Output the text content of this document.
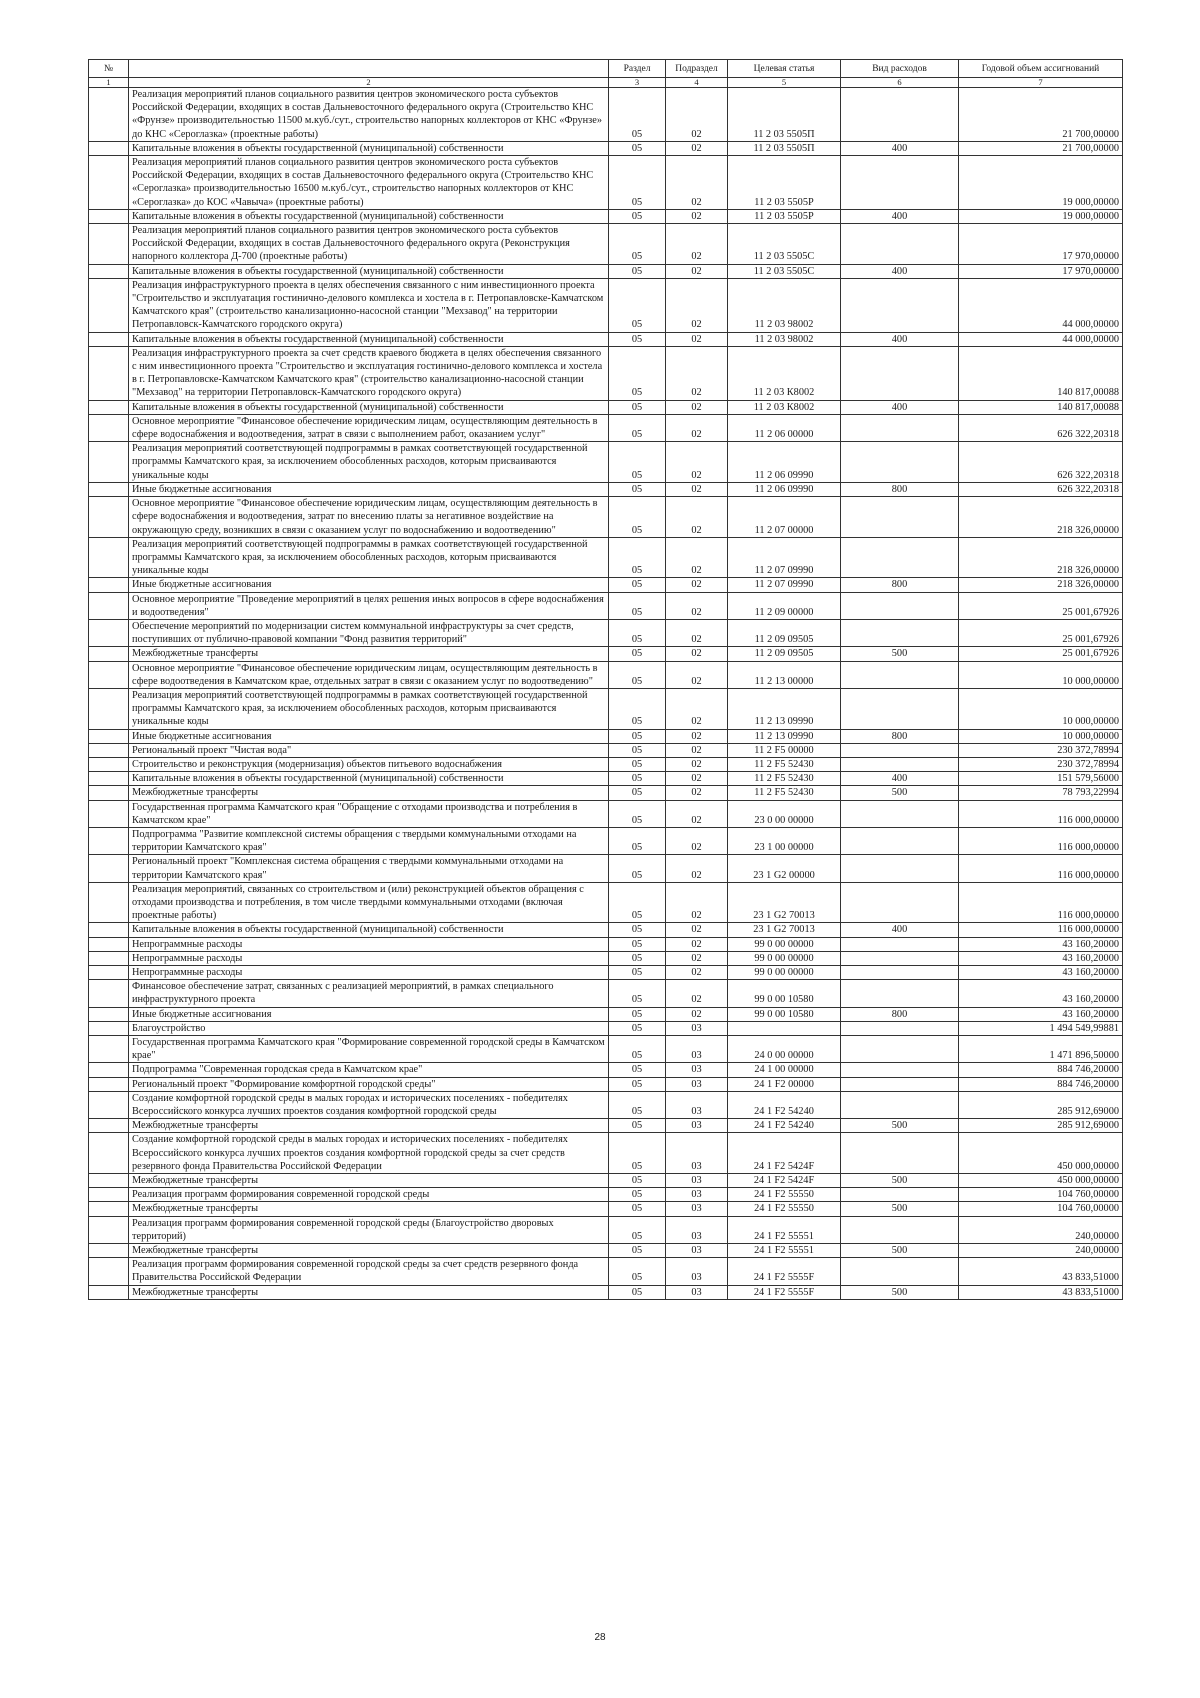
№		Раздел	Подраздел	Целевая статья	Вид расходов	Годовой объем ассигнований
1	2	3	4	5	6	7
	Реализация мероприятий планов социального развития центров экономического роста субъектов Российской Федерации, входящих в состав Дальневосточного федерального округа (Строительство КНС «Фрунзе» производительностью 11500 м.куб./сут., строительство напорных коллекторов от КНС «Фрунзе» до КНС «Сероглазка» (проектные работы)	05	02	11 2 03 5505П		21 700,00000
	Капитальные вложения в объекты государственной (муниципальной) собственности	05	02	11 2 03 5505П	400	21 700,00000
	Реализация мероприятий планов социального развития центров экономического роста субъектов Российской Федерации, входящих в состав Дальневосточного федерального округа (Строительство КНС «Сероглазка» производительностью 16500 м.куб./сут., строительство напорных коллекторов от КНС «Сероглазка» до КОС «Чавыча» (проектные работы)	05	02	11 2 03 5505Р		19 000,00000
	Капитальные вложения в объекты государственной (муниципальной) собственности	05	02	11 2 03 5505Р	400	19 000,00000
	Реализация мероприятий планов социального развития центров экономического роста субъектов Российской Федерации, входящих в состав Дальневосточного федерального округа (Реконструкция напорного коллектора Д-700 (проектные работы)	05	02	11 2 03 5505С		17 970,00000
	Капитальные вложения в объекты государственной (муниципальной) собственности	05	02	11 2 03 5505С	400	17 970,00000
	Реализация инфраструктурного проекта в целях обеспечения связанного с ним инвестиционного проекта "Строительство и эксплуатация гостинично-делового комплекса и хостела в г. Петропавловске-Камчатском Камчатского края" (строительство канализационно-насосной станции "Мехзавод" на территории Петропавловск-Камчатского городского округа)	05	02	11 2 03 98002		44 000,00000
	Капитальные вложения в объекты государственной (муниципальной) собственности	05	02	11 2 03 98002	400	44 000,00000
	Реализация инфраструктурного проекта за счет средств краевого бюджета в целях обеспечения связанного с ним инвестиционного проекта "Строительство и эксплуатация гостинично-делового комплекса и хостела в г. Петропавловске-Камчатском Камчатского края" (строительство канализационно-насосной станции "Мехзавод" на территории Петропавловск-Камчатского городского округа)	05	02	11 2 03 К8002		140 817,00088
	Капитальные вложения в объекты государственной (муниципальной) собственности	05	02	11 2 03 К8002	400	140 817,00088
	Основное мероприятие "Финансовое обеспечение юридическим лицам, осуществляющим деятельность в сфере водоснабжения и водоотведения, затрат в связи с выполнением работ, оказанием услуг"	05	02	11 2 06 00000		626 322,20318
	Реализация мероприятий соответствующей подпрограммы в рамках соответствующей государственной программы Камчатского края, за исключением обособленных расходов, которым присваиваются уникальные коды	05	02	11 2 06 09990		626 322,20318
	Иные бюджетные ассигнования	05	02	11 2 06 09990	800	626 322,20318
	Основное мероприятие "Финансовое обеспечение юридическим лицам, осуществляющим деятельность в сфере водоснабжения и водоотведения, затрат по внесению платы за негативное воздействие на окружающую среду, возникших в связи с оказанием услуг по водоснабжению и водоотведению"	05	02	11 2 07 00000		218 326,00000
	Реализация мероприятий соответствующей подпрограммы в рамках соответствующей государственной программы Камчатского края, за исключением обособленных расходов, которым присваиваются уникальные коды	05	02	11 2 07 09990		218 326,00000
	Иные бюджетные ассигнования	05	02	11 2 07 09990	800	218 326,00000
	Основное мероприятие "Проведение мероприятий в целях решения иных вопросов в сфере водоснабжения и водоотведения"	05	02	11 2 09 00000		25 001,67926
	Обеспечение мероприятий по модернизации систем коммунальной инфраструктуры за счет средств, поступивших от публично-правовой компании "Фонд развития территорий"	05	02	11 2 09 09505		25 001,67926
	Межбюджетные трансферты	05	02	11 2 09 09505	500	25 001,67926
	Основное мероприятие "Финансовое обеспечение юридическим лицам, осуществляющим деятельность в сфере водоотведения в Камчатском крае, отдельных затрат в связи с оказанием услуг по водоотведению"	05	02	11 2 13 00000		10 000,00000
	Реализация мероприятий соответствующей подпрограммы в рамках соответствующей государственной программы Камчатского края, за исключением обособленных расходов, которым присваиваются уникальные коды	05	02	11 2 13 09990		10 000,00000
	Иные бюджетные ассигнования	05	02	11 2 13 09990	800	10 000,00000
	Региональный проект "Чистая вода"	05	02	11 2 F5 00000		230 372,78994
	Строительство и реконструкция (модернизация) объектов питьевого водоснабжения	05	02	11 2 F5 52430		230 372,78994
	Капитальные вложения в объекты государственной (муниципальной) собственности	05	02	11 2 F5 52430	400	151 579,56000
	Межбюджетные трансферты	05	02	11 2 F5 52430	500	78 793,22994
	Государственная программа Камчатского края "Обращение с отходами производства и потребления в Камчатском крае"	05	02	23 0 00 00000		116 000,00000
	Подпрограмма "Развитие комплексной системы обращения с твердыми коммунальными отходами на территории Камчатского края"	05	02	23 1 00 00000		116 000,00000
	Региональный проект "Комплексная система обращения с твердыми коммунальными отходами на территории Камчатского края"	05	02	23 1 G2 00000		116 000,00000
	Реализация мероприятий, связанных со строительством и (или) реконструкцией объектов обращения с отходами производства и потребления, в том числе твердыми коммунальными отходами (включая проектные работы)	05	02	23 1 G2 70013		116 000,00000
	Капитальные вложения в объекты государственной (муниципальной) собственности	05	02	23 1 G2 70013	400	116 000,00000
	Непрограммные расходы	05	02	99 0 00 00000		43 160,20000
	Непрограммные расходы	05	02	99 0 00 00000		43 160,20000
	Непрограммные расходы	05	02	99 0 00 00000		43 160,20000
	Финансовое обеспечение затрат, связанных с реализацией мероприятий, в рамках специального инфраструктурного проекта	05	02	99 0 00 10580		43 160,20000
	Иные бюджетные ассигнования	05	02	99 0 00 10580	800	43 160,20000
	Благоустройство	05	03			1 494 549,99881
	Государственная программа Камчатского края "Формирование современной городской среды в Камчатском крае"	05	03	24 0 00 00000		1 471 896,50000
	Подпрограмма "Современная городская среда в Камчатском крае"	05	03	24 1 00 00000		884 746,20000
	Региональный проект "Формирование комфортной городской среды"	05	03	24 1 F2 00000		884 746,20000
	Создание комфортной городской среды в малых городах и исторических поселениях - победителях Всероссийского конкурса лучших проектов создания комфортной городской среды	05	03	24 1 F2 54240		285 912,69000
	Межбюджетные трансферты	05	03	24 1 F2 54240	500	285 912,69000
	Создание комфортной городской среды в малых городах и исторических поселениях - победителях Всероссийского конкурса лучших проектов создания комфортной городской среды за счет средств резервного фонда Правительства Российской Федерации	05	03	24 1 F2 5424F		450 000,00000
	Межбюджетные трансферты	05	03	24 1 F2 5424F	500	450 000,00000
	Реализация программ формирования современной городской среды	05	03	24 1 F2 55550		104 760,00000
	Межбюджетные трансферты	05	03	24 1 F2 55550	500	104 760,00000
	Реализация программ формирования современной городской среды (Благоустройство дворовых территорий)	05	03	24 1 F2 55551		240,00000
	Межбюджетные трансферты	05	03	24 1 F2 55551	500	240,00000
	Реализация программ формирования современной городской среды за счет средств резервного фонда Правительства Российской Федерации	05	03	24 1 F2 5555F		43 833,51000
	Межбюджетные трансферты	05	03	24 1 F2 5555F	500	43 833,51000
28
